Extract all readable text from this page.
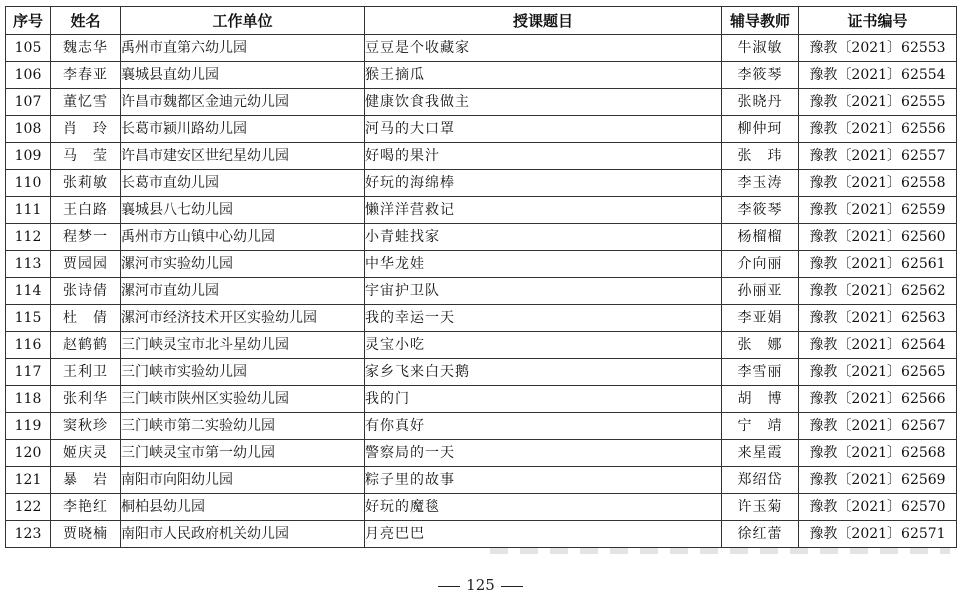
序号	姓名	工作单位	授课题目	辅导教师	证书编号
105	魏志华	禹州市直第六幼儿园	豆豆是个收藏家	牛淑敏	豫教〔2021〕62553
106	李春亚	襄城县直幼儿园	猴王摘瓜	李筱琴	豫教〔2021〕62554
107	董忆雪	许昌市魏都区金迪元幼儿园	健康饮食我做主	张晓丹	豫教〔2021〕62555
108	肖　玲	长葛市颍川路幼儿园	河马的大口罩	柳仲珂	豫教〔2021〕62556
109	马　莹	许昌市建安区世纪星幼儿园	好喝的果汁	张　玮	豫教〔2021〕62557
110	张莉敏	长葛市直幼儿园	好玩的海绵棒	李玉涛	豫教〔2021〕62558
111	王白路	襄城县八七幼儿园	懒洋洋营救记	李筱琴	豫教〔2021〕62559
112	程梦一	禹州市方山镇中心幼儿园	小青蛙找家	杨榴榴	豫教〔2021〕62560
113	贾园园	漯河市实验幼儿园	中华龙娃	介向丽	豫教〔2021〕62561
114	张诗倩	漯河市直幼儿园	宇宙护卫队	孙丽亚	豫教〔2021〕62562
115	杜　倩	漯河市经济技术开区实验幼儿园	我的幸运一天	李亚娟	豫教〔2021〕62563
116	赵鹤鹤	三门峡灵宝市北斗星幼儿园	灵宝小吃	张　娜	豫教〔2021〕62564
117	王利卫	三门峡市实验幼儿园	家乡飞来白天鹅	李雪丽	豫教〔2021〕62565
118	张利华	三门峡市陕州区实验幼儿园	我的门	胡　博	豫教〔2021〕62566
119	窦秋珍	三门峡市第二实验幼儿园	有你真好	宁　靖	豫教〔2021〕62567
120	姬庆灵	三门峡灵宝市第一幼儿园	警察局的一天	来星霞	豫教〔2021〕62568
121	暴　岩	南阳市向阳幼儿园	粽子里的故事	郑绍岱	豫教〔2021〕62569
122	李艳红	桐柏县幼儿园	好玩的魔毯	许玉菊	豫教〔2021〕62570
123	贾晓楠	南阳市人民政府机关幼儿园	月亮巴巴	徐红蕾	豫教〔2021〕62571
125
